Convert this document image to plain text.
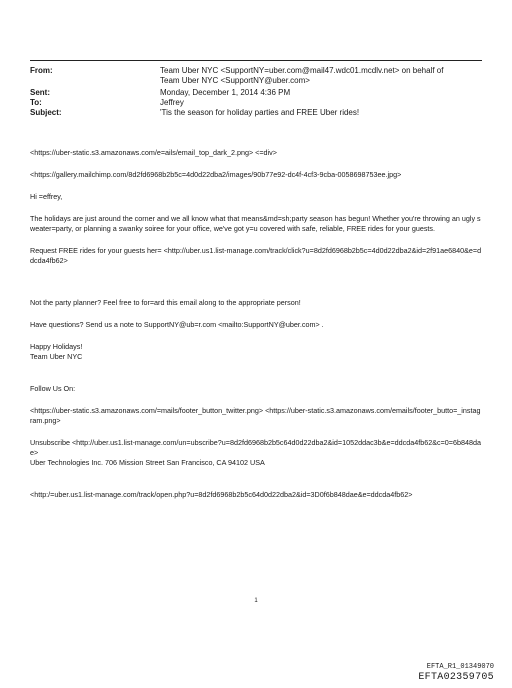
From:	Team Uber NYC <SupportNY=uber.com@mail47.wdc01.mcdlv.net> on behalf of
Team Uber NYC <SupportNY@uber.com>
Sent:	Monday, December 1, 2014 4:36 PM
To:	Jeffrey
Subject:	'Tis the season for holiday parties and FREE Uber rides!

<https://uber-static.s3.amazonaws.com/e=ails/email_top_dark_2.png> <=div>

<https://gallery.mailchimp.com/8d2fd6968b2b5c=4d0d22dba2/images/90b77e92-dc4f-4cf3-9cba-0058698753ee.jpg>

Hi =effrey,

The holidays are just around the corner and we all know what that means&md=sh;party season has begun! Whether you're throwing an ugly sweater=party, or planning a swanky soiree for your office, we've got y=u covered with safe, reliable, FREE rides for your guests.

Request FREE rides for your guests her= <http://uber.us1.list-manage.com/track/click?u=8d2fd6968b2b5c=4d0d22dba2&id=2f91ae6840&e=ddcda4fb62>

Not the party planner? Feel free to for=ard this email along to the appropriate person!

Have questions? Send us a note to SupportNY@ub=r.com <mailto:SupportNY@uber.com> .

Happy Holidays!
Team Uber NYC

Follow Us On:

<https://uber-static.s3.amazonaws.com/=mails/footer_button_twitter.png> <https://uber-static.s3.amazonaws.com/emails/footer_butto=_instagram.png>

Unsubscribe <http://uber.us1.list-manage.com/un=ubscribe?u=8d2fd6968b2b5c64d0d22dba2&id=1052ddac3b&e=ddcda4fb62&c=0=6b848dae>
Uber Technologies Inc. 706 Mission Street San Francisco, CA 94102 USA

<http:/=uber.us1.list-manage.com/track/open.php?u=8d2fd6968b2b5c64d0d22dba2&id=3D0f6b848dae&e=ddcda4fb62>

1
EFTA_R1_01349070
EFTA02359705
